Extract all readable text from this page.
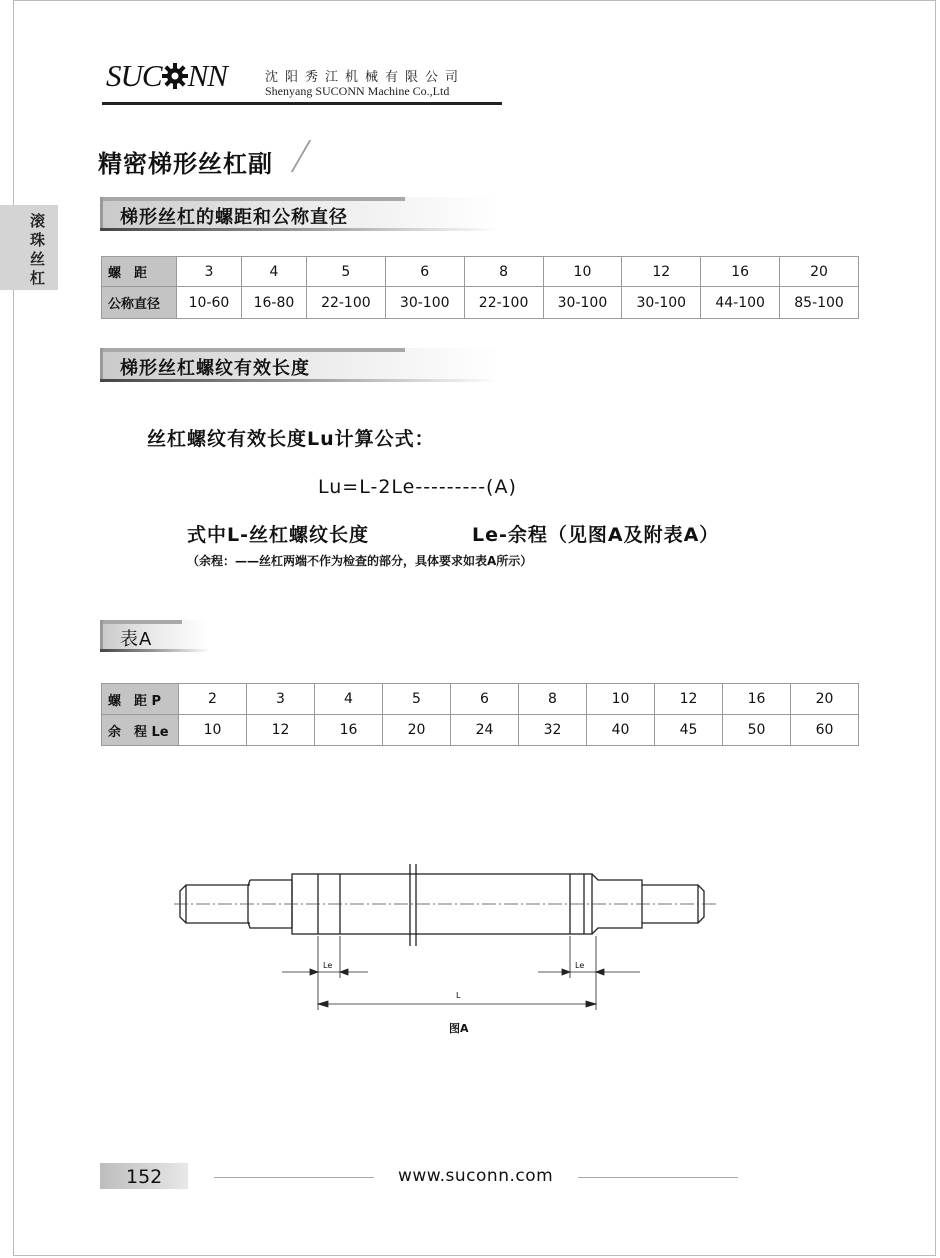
SUC NN	沈阳秀江机械有限公司
Shenyang SUCONN Machine Co.,Ltd
精密梯形丝杠副
滚珠丝杠
梯形丝杠的螺距和公称直径
螺　距	3	4	5	6	8	10	12	16	20
公称直径	10-60	16-80	22-100	30-100	22-100	30-100	30-100	44-100	85-100
梯形丝杠螺纹有效长度
丝杠螺纹有效长度Lu计算公式：
Lu=L-2Le---------(A)
式中L-丝杠螺纹长度	Le-余程（见图A及附表A）
（余程：——丝杠两端不作为检查的部分，具体要求如表A所示）
表A
螺　距 P	2	3	4	5	6	8	10	12	16	20
余　程 Le	10	12	16	20	24	32	40	45	50	60
Le	Le
L
图A
152	www.suconn.com
